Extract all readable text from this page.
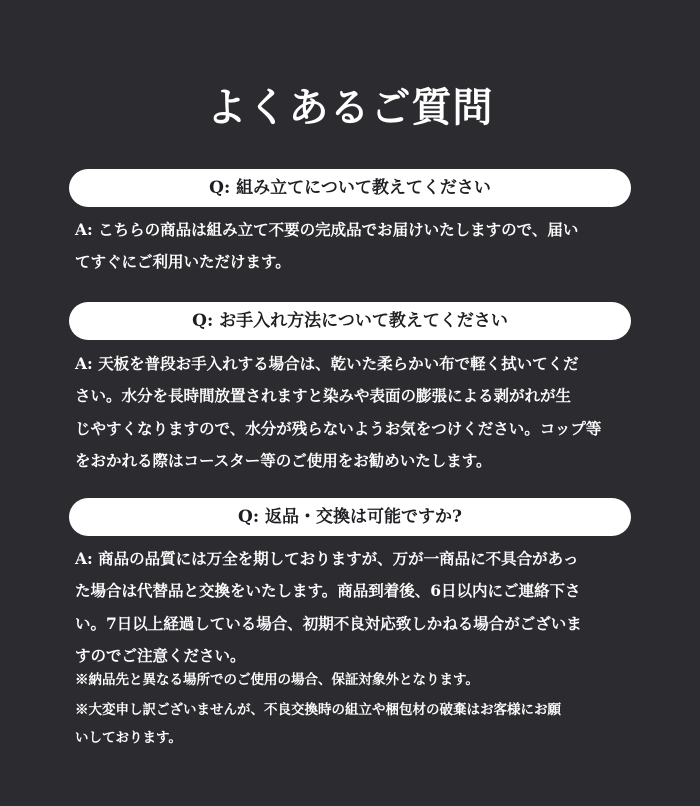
よくあるご質問
Q: 組み立てについて教えてください

A: こちらの商品は組み立て不要の完成品でお届けいたしますので、届い
てすぐにご利用いただけます。

Q: お手入れ方法について教えてください

A: 天板を普段お手入れする場合は、乾いた柔らかい布で軽く拭いてくだ
さい。水分を長時間放置されますと染みや表面の膨張による剥がれが生
じやすくなりますので、水分が残らないようお気をつけください。コップ等
をおかれる際はコースター等のご使用をお勧めいたします。

Q: 返品・交換は可能ですか?

A: 商品の品質には万全を期しておりますが、万が一商品に不具合があっ
た場合は代替品と交換をいたします。商品到着後、6日以内にご連絡下さ
い。7日以上経過している場合、初期不良対応致しかねる場合がございま
すのでご注意ください。

※納品先と異なる場所でのご使用の場合、保証対象外となります。
※大変申し訳ございませんが、不良交換時の組立や梱包材の破棄はお客様にお願
いしております。
